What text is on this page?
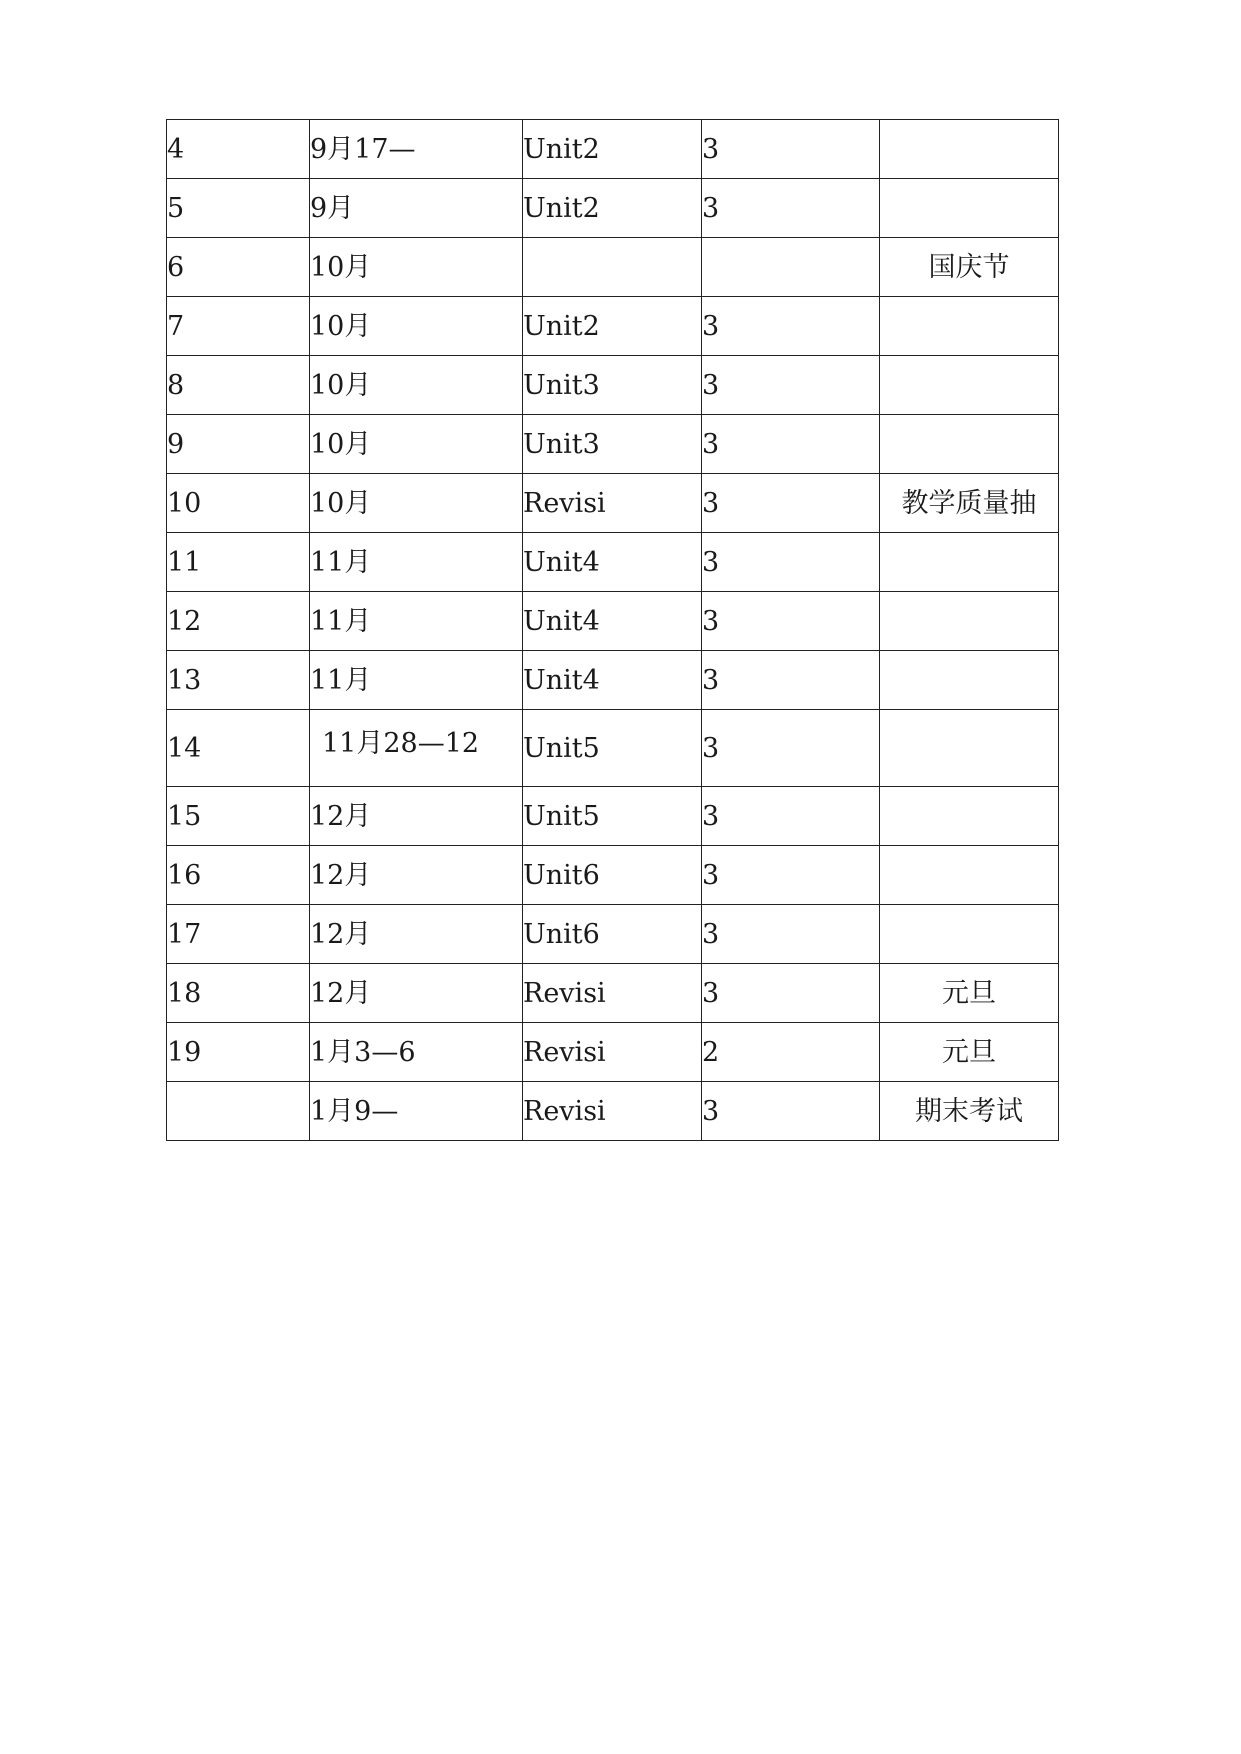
4	9月17—	Unit2	3	
5	9月	Unit2	3	
6	10月			国庆节
7	10月	Unit2	3	
8	10月	Unit3	3	
9	10月	Unit3	3	
10	10月	Revisi	3	教学质量抽
11	11月	Unit4	3	
12	11月	Unit4	3	
13	11月	Unit4	3	
14	11月28—12	Unit5	3	
15	12月	Unit5	3	
16	12月	Unit6	3	
17	12月	Unit6	3	
18	12月	Revisi	3	元旦
19	1月3—6	Revisi	2	元旦
	1月9—	Revisi	3	期末考试
